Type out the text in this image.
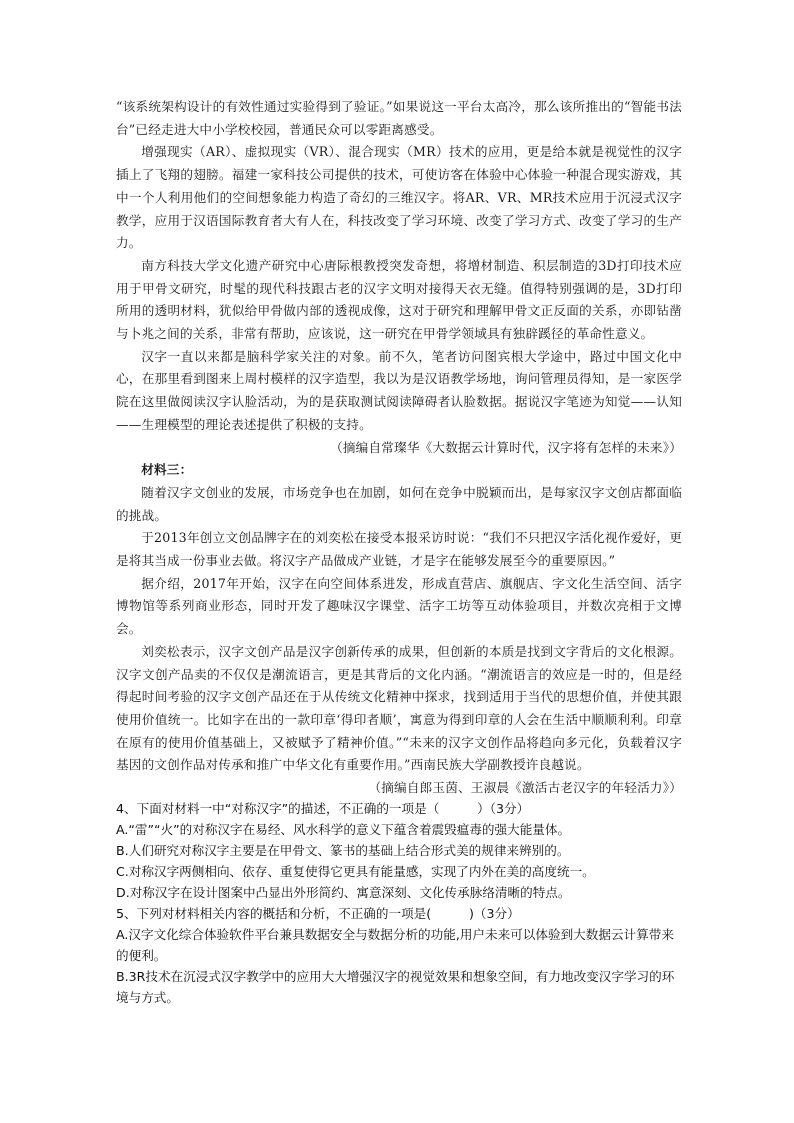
“该系统架构设计的有效性通过实验得到了验证。”如果说这一平台太高冷，那么该所推出的“智能书法台”已经走进大中小学校校园，普通民众可以零距离感受。

增强现实（AR）、虚拟现实（VR）、混合现实（MR）技术的应用，更是给本就是视觉性的汉字插上了飞翔的翅膀。福建一家科技公司提供的技术，可使访客在体验中心体验一种混合现实游戏，其中一个人利用他们的空间想象能力构造了奇幻的三维汉字。将AR、VR、MR技术应用于沉浸式汉字教学，应用于汉语国际教育者大有人在，科技改变了学习环境、改变了学习方式、改变了学习的生产力。

南方科技大学文化遗产研究中心唐际根教授突发奇想，将增材制造、积层制造的3D打印技术应用于甲骨文研究，时髦的现代科技跟古老的汉字文明对接得天衣无缝。值得特别强调的是，3D打印所用的透明材料，犹似给甲骨做内部的透视成像，这对于研究和理解甲骨文正反面的关系，亦即钻凿与卜兆之间的关系，非常有帮助，应该说，这一研究在甲骨学领域具有独辟蹊径的革命性意义。

汉字一直以来都是脑科学家关注的对象。前不久，笔者访问图宾根大学途中，路过中国文化中心，在那里看到图来上周村模样的汉字造型，我以为是汉语教学场地，询问管理员得知，是一家医学院在这里做阅读汉字认脸活动，为的是获取测试阅读障碍者认脸数据。据说汉字笔迹为知觉——认知——生理模型的理论表述提供了积极的支持。

（摘编自常璨华《大数据云计算时代，汉字将有怎样的未来》）

材料三：

随着汉字文创业的发展，市场竞争也在加剧，如何在竞争中脱颖而出，是每家汉字文创店都面临的挑战。

于2013年创立文创品牌字在的刘奕松在接受本报采访时说：“我们不只把汉字活化视作爱好，更是将其当成一份事业去做。将汉字产品做成产业链，才是字在能够发展至今的重要原因。”

据介绍，2017年开始，汉字在向空间体系进发，形成直营店、旗舰店、字文化生活空间、活字博物馆等系列商业形态，同时开发了趣味汉字课堂、活字工坊等互动体验项目，并数次亮相于文博会。

刘奕松表示，汉字文创产品是汉字创新传承的成果，但创新的本质是找到文字背后的文化根源。汉字文创产品卖的不仅仅是潮流语言，更是其背后的文化内涵。“潮流语言的效应是一时的，但是经得起时间考验的汉字文创产品还在于从传统文化精神中探求，找到适用于当代的思想价值，并使其跟使用价值统一。比如字在出的一款印章‘得印者顺’，寓意为得到印章的人会在生活中顺顺利利。印章在原有的使用价值基础上，又被赋予了精神价值。”“未来的汉字文创作品将趋向多元化，负载着汉字基因的文创作品对传承和推广中华文化有重要作用。”西南民族大学副教授许良越说。

（摘编自郎玉茵、王淑晨《激活古老汉字的年轻活力》）

4、下面对材料一中“对称汉字”的描述，不正确的一项是（　　　）（3分）

A.“雷”“火”的对称汉字在易经、风水科学的意义下蕴含着震毁瘟毒的强大能量体。

B.人们研究对称汉字主要是在甲骨文、篆书的基础上结合形式美的规律来辨别的。

C.对称汉字两侧相向、依存、重复使得它更具有能量感，实现了内外在美的高度统一。

D.对称汉字在设计图案中凸显出外形简约、寓意深刻、文化传承脉络清晰的特点。

5、下列对材料相关内容的概括和分析，不正确的一项是(　　　)（3分）

A.汉字文化综合体验软件平台兼具数据安全与数据分析的功能,用户未来可以体验到大数据云计算带来的便利。

B.3R技术在沉浸式汉字教学中的应用大大增强汉字的视觉效果和想象空间，有力地改变汉字学习的环境与方式。
